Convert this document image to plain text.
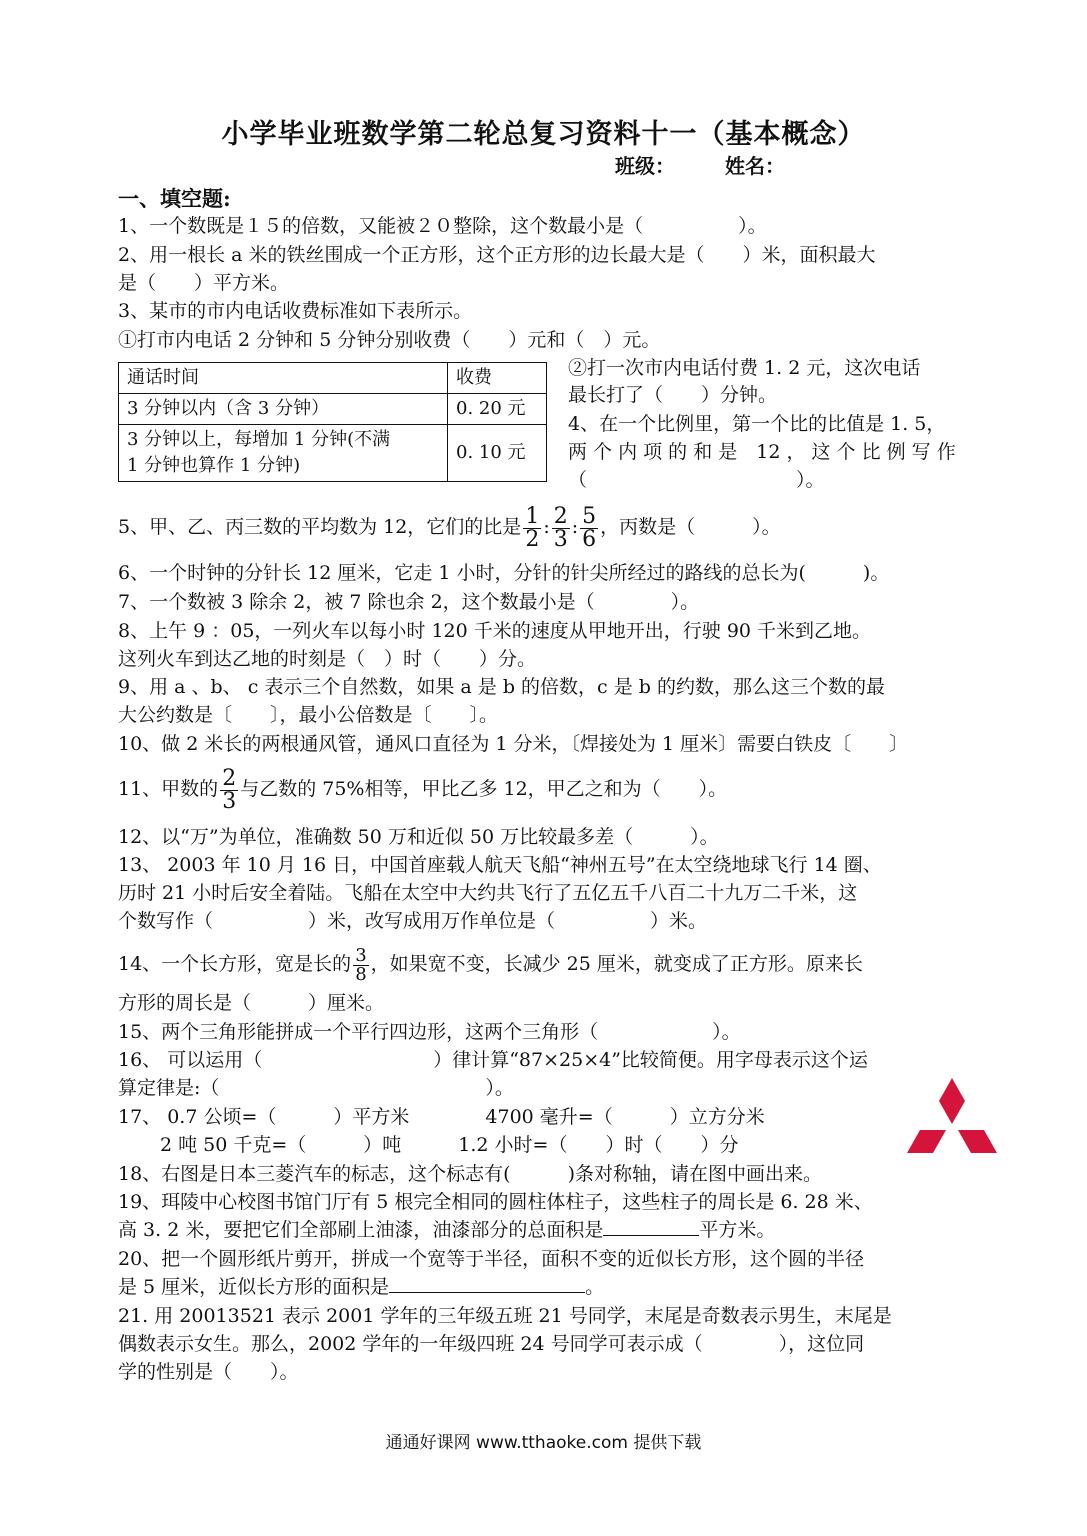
小学毕业班数学第二轮总复习资料十一（基本概念）
班级：　　　姓名：
一、填空题:
1、一个数既是１５的倍数，又能被２０整除，这个数最小是（　　　　　）。
2、用一根长 a 米的铁丝围成一个正方形，这个正方形的边长最大是（　　）米，面积最大
是（　　）平方米。
3、某市的市内电话收费标准如下表所示。
①打市内电话 2 分钟和 5 分钟分别收费（　　）元和（　）元。
通话时间	收费
3 分钟以内（含 3 分钟）	0. 20 元
3 分钟以上，每增加 1 分钟(不满
1 分钟也算作 1 分钟)	0. 10 元
②打一次市内电话付费 1. 2 元，这次电话
最长打了（　　）分钟。
4、在一个比例里，第一个比的比值是 1. 5，
两 个 内 项 的 和 是　12 ， 这 个 比 例 写 作
（　　　　　　　　　　　）。
5、甲、乙、丙三数的平均数为 12，它们的比是 $\frac{1}{2}$ : $\frac{2}{3}$ : $\frac{5}{6}$ ，丙数是（　　　）。
6、一个时钟的分针长 12 厘米，它走 1 小时，分针的针尖所经过的路线的总长为(　　　)。
7、一个数被 3 除余 2，被 7 除也余 2，这个数最小是（　　　　）。
8、上午 9 ：05，一列火车以每小时 120 千米的速度从甲地开出，行驶 90 千米到乙地。
这列火车到达乙地的时刻是（　）时（　　）分。
9、用 a 、b、 c 表示三个自然数，如果 a 是 b 的倍数，c 是 b 的约数，那么这三个数的最
大公约数是〔　　〕，最小公倍数是〔　　〕。
10、做 2 米长的两根通风管，通风口直径为 1 分米，〔焊接处为 1 厘米〕需要白铁皮〔　　〕
11、甲数的 $\frac{2}{3}$ 与乙数的 75%相等，甲比乙多 12，甲乙之和为（　　）。
12、以“万”为单位，准确数 50 万和近似 50 万比较最多差（　　　）。
13、 2003 年 10 月 16 日，中国首座载人航天飞船“神州五号”在太空绕地球飞行 14 圈、
历时 21 小时后安全着陆。飞船在太空中大约共飞行了五亿五千八百二十九万二千米，这
个数写作（　　　　　）米，改写成用万作单位是（　　　　　）米。
14、一个长方形，宽是长的 $\frac{3}{8}$ ，如果宽不变，长减少 25 厘米，就变成了正方形。原来长
方形的周长是（　　　）厘米。
15、两个三角形能拼成一个平行四边形，这两个三角形（　　　　　　）。
16、 可以运用（　　　　　　　　　）律计算“87×25×4”比较简便。用字母表示这个运
算定律是:（　　　　　　　　　　　　　　）。
17、 0.7 公顷=（　　　）平方米　　　　4700 毫升=（　　　）立方分米
2 吨 50 千克=（　　　）吨　　　1.2 小时=（　　）时（　　）分
18、右图是日本三菱汽车的标志，这个标志有(　　　)条对称轴，请在图中画出来。
19、珥陵中心校图书馆门厅有 5 根完全相同的圆柱体柱子，这些柱子的周长是 6. 28 米、
高 3. 2 米，要把它们全部刷上油漆，油漆部分的总面积是	平方米。
20、把一个圆形纸片剪开，拼成一个宽等于半径，面积不变的近似长方形，这个圆的半径
是 5 厘米，近似长方形的面积是	。
21. 用 20013521 表示 2001 学年的三年级五班 21 号同学，末尾是奇数表示男生，末尾是
偶数表示女生。那么，2002 学年的一年级四班 24 号同学可表示成（　　　　），这位同
学的性别是（　　）。
通通好课网 www.tthaoke.com 提供下载
